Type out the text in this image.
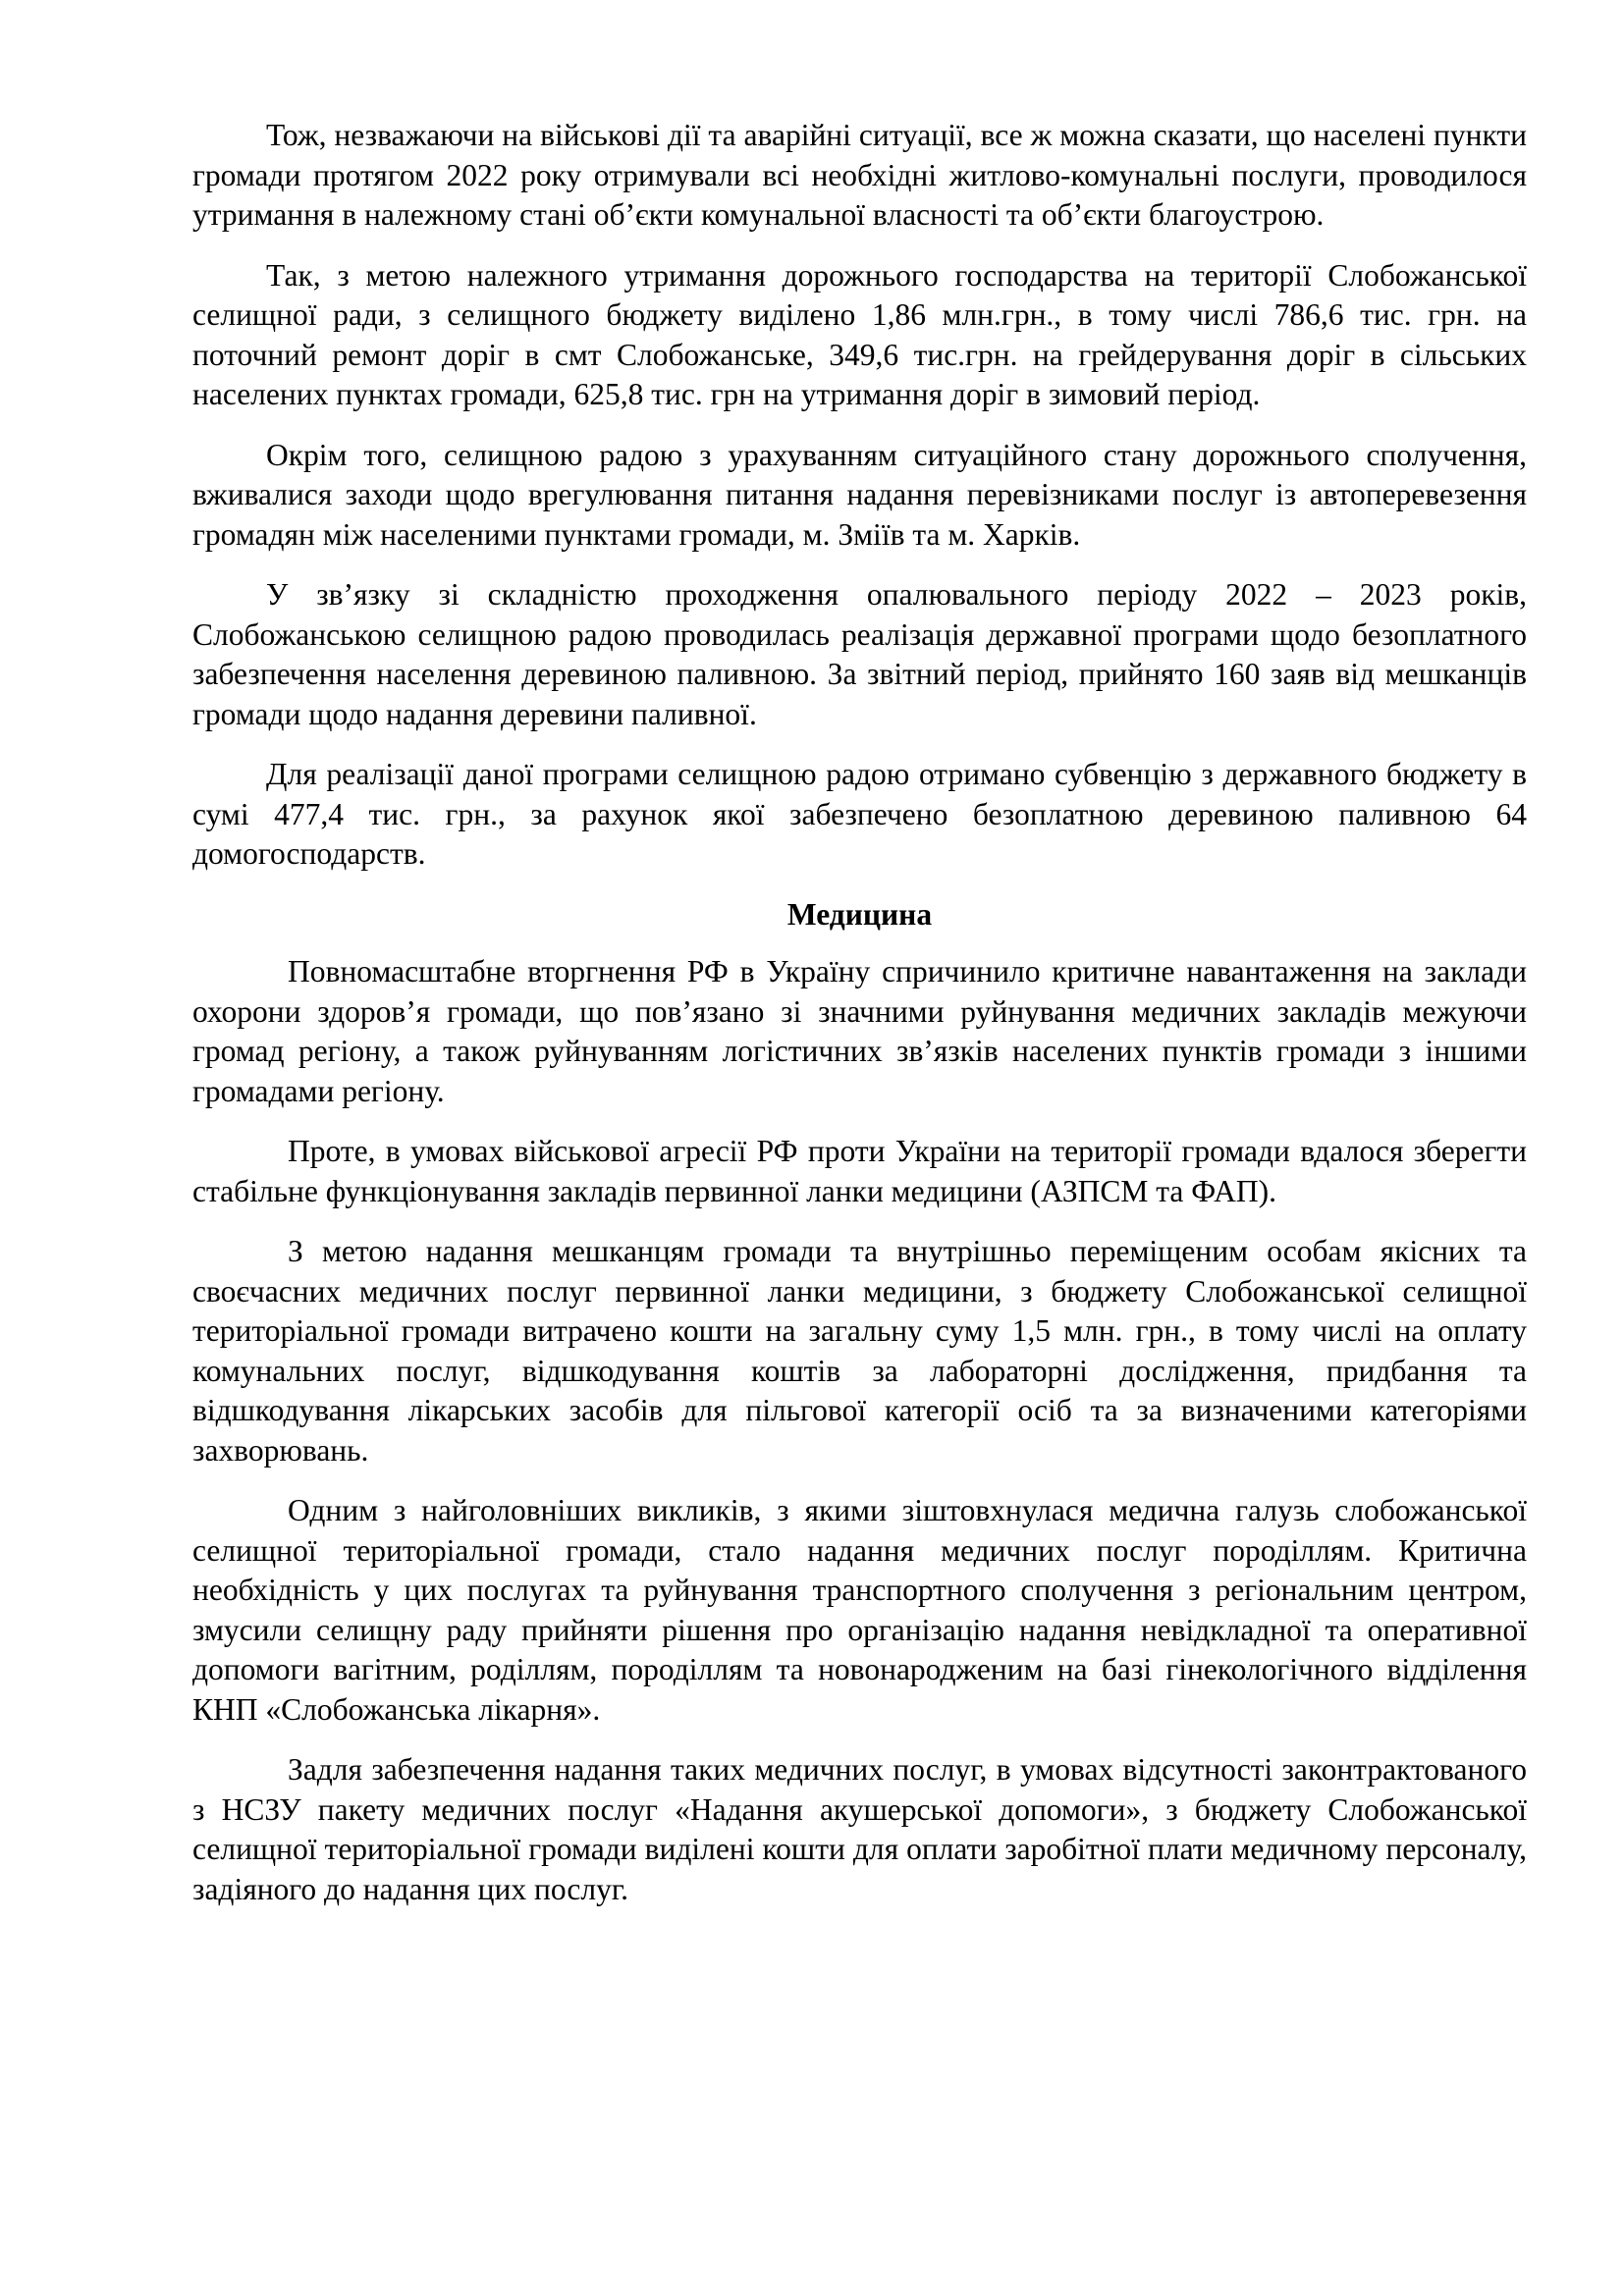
Тож, незважаючи на військові дії та аварійні ситуації, все ж можна сказати, що населені пункти громади протягом 2022 року отримували всі необхідні житлово-комунальні послуги, проводилося утримання в належному стані об’єкти комунальної власності та об’єкти благоустрою.

Так, з метою належного утримання дорожнього господарства на території Слобожанської селищної ради, з селищного бюджету виділено 1,86 млн.грн., в тому числі 786,6 тис. грн. на поточний ремонт доріг в смт Слобожанське, 349,6 тис.грн. на грейдерування доріг в сільських населених пунктах громади, 625,8 тис. грн на утримання доріг в зимовий період.

Окрім того, селищною радою з урахуванням ситуаційного стану дорожнього сполучення, вживалися заходи щодо врегулювання питання надання перевізниками послуг із автоперевезення громадян між населеними пунктами громади, м. Зміїв та м. Харків.

У зв’язку зі складністю проходження опалювального періоду 2022 – 2023 років, Слобожанською селищною радою проводилась реалізація державної програми щодо безоплатного забезпечення населення деревиною паливною. За звітний період, прийнято 160 заяв від мешканців громади щодо надання деревини паливної.

Для реалізації даної програми селищною радою отримано субвенцію з державного бюджету в сумі 477,4 тис. грн., за рахунок якої забезпечено безоплатною деревиною паливною 64 домогосподарств.

Медицина

Повномасштабне вторгнення РФ в Україну спричинило критичне навантаження на заклади охорони здоров’я громади, що пов’язано зі значними руйнування медичних закладів межуючи громад регіону, а також руйнуванням логістичних зв’язків населених пунктів громади з іншими громадами регіону.

Проте, в умовах військової агресії РФ проти України на території громади вдалося зберегти стабільне функціонування закладів первинної ланки медицини (АЗПСМ та ФАП).

З метою надання мешканцям громади та внутрішньо переміщеним особам якісних та своєчасних медичних послуг первинної ланки медицини, з бюджету Слобожанської селищної територіальної громади витрачено кошти на загальну суму 1,5 млн. грн., в тому числі на оплату комунальних послуг, відшкодування коштів за лабораторні дослідження, придбання та відшкодування лікарських засобів для пільгової категорії осіб та за визначеними категоріями захворювань.

Одним з найголовніших викликів, з якими зіштовхнулася медична галузь слобожанської селищної територіальної громади, стало надання медичних послуг породіллям. Критична необхідність у цих послугах та руйнування транспортного сполучення з регіональним центром, змусили селищну раду прийняти рішення про організацію надання невідкладної та оперативної допомоги вагітним, роділлям, породіллям та новонародженим на базі гінекологічного відділення КНП «Слобожанська лікарня».

Задля забезпечення надання таких медичних послуг, в умовах відсутності законтрактованого з НСЗУ пакету медичних послуг «Надання акушерської допомоги», з бюджету Слобожанської селищної територіальної громади виділені кошти для оплати заробітної плати медичному персоналу, задіяного до надання цих послуг.
